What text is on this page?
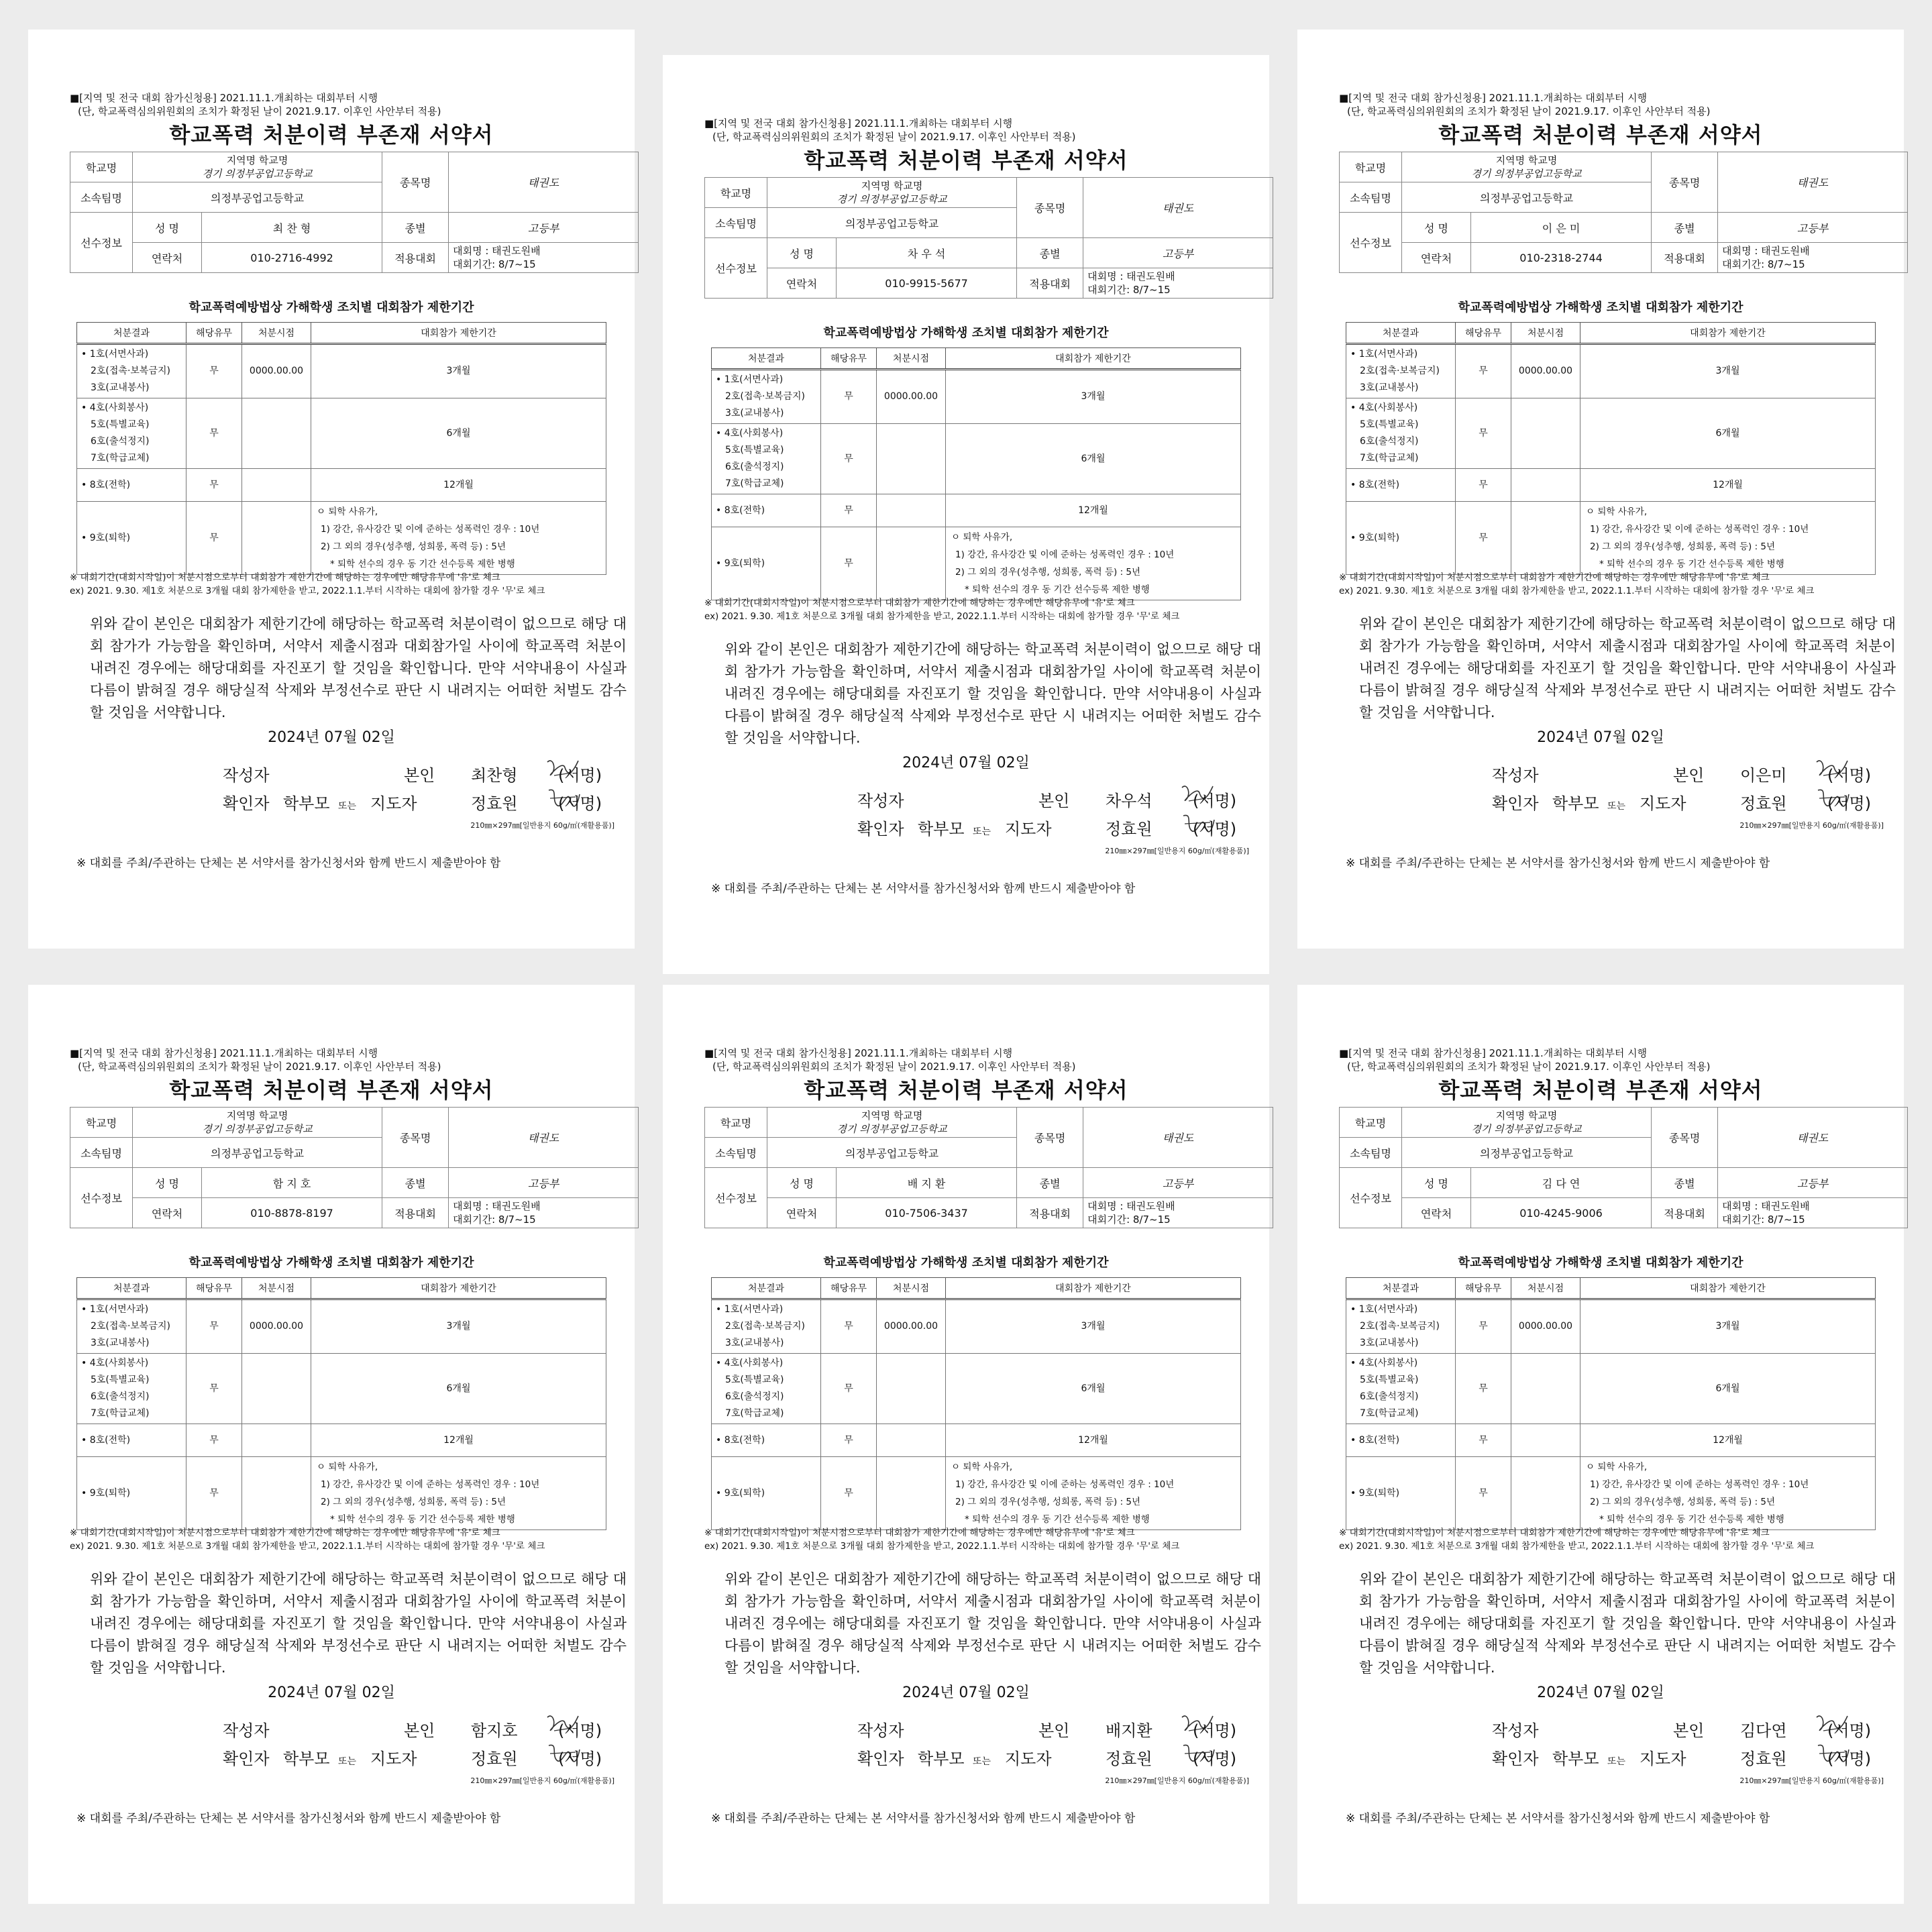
■[지역 및 전국 대회 참가신청용] 2021.11.1.개최하는 대회부터 시행
(단, 학교폭력심의위원회의 조치가 확정된 날이 2021.9.17. 이후인 사안부터 적용)
학교폭력 처분이력 부존재 서약서
학교명	지역명 학교명
경기 의정부공업고등학교		종목명	태권도
소속팀명	의정부공업고등학교			
선수정보	성 명	최 찬 형	종별	고등부
	연락처	010-2716-4992	적용대회	대회명 : 태권도원배
대회기간: 8/7~15
학교폭력예방법상 가해학생 조치별 대회참가 제한기간
처분결과	해당유무	처분시점	대회참가 제한기간

• 1호(서면사과)
2호(접촉·보복금지)
3호(교내봉사)	무	0000.00.00	3개월

• 4호(사회봉사)
5호(특별교육)
6호(출석정지)
7호(학급교체)	무		6개월

• 8호(전학)	무		12개월

• 9호(퇴학)	무		ㅇ 퇴학 사유가,
1) 강간, 유사강간 및 이에 준하는 성폭력인 경우 : 10년
2) 그 외의 경우(성추행, 성희롱, 폭력 등) : 5년
* 퇴학 선수의 경우 동 기간 선수등록 제한 병행
※ 대회기간(대회시작일)이 처분시점으로부터 대회참가 제한기간에 해당하는 경우에만 해당유무에 '유'로 체크
ex) 2021. 9.30. 제1호 처분으로 3개월 대회 참가제한을 받고, 2022.1.1.부터 시작하는 대회에 참가할 경우 '무'로 체크
위와 같이 본인은 대회참가 제한기간에 해당하는 학교폭력 처분이력이 없으므로 해당 대회 참가가 가능함을 확인하며, 서약서 제출시점과 대회참가일 사이에 학교폭력 처분이 내려진 경우에는 해당대회를 자진포기 할 것임을 확인합니다. 만약 서약내용이 사실과 다름이 밝혀질 경우 해당실적 삭제와 부정선수로 판단 시 내려지는 어떠한 처벌도 감수할 것임을 서약합니다.
2024년 07월 02일
작성자	본인 최찬형	(서명)
확인자 학부모 또는 지도자	정효원	(서명)
210㎜×297㎜[일반용지 60g/㎡(재활용품)]
※ 대회를 주최/주관하는 단체는 본 서약서를 참가신청서와 함께 반드시 제출받아야 함
■[지역 및 전국 대회 참가신청용] 2021.11.1.개최하는 대회부터 시행
(단, 학교폭력심의위원회의 조치가 확정된 날이 2021.9.17. 이후인 사안부터 적용)
학교폭력 처분이력 부존재 서약서
학교명	지역명 학교명
경기 의정부공업고등학교		종목명	태권도
소속팀명	의정부공업고등학교			
선수정보	성 명	차 우 석	종별	고등부
	연락처	010-9915-5677	적용대회	대회명 : 태권도원배
대회기간: 8/7~15
학교폭력예방법상 가해학생 조치별 대회참가 제한기간
처분결과	해당유무	처분시점	대회참가 제한기간

• 1호(서면사과)
2호(접촉·보복금지)
3호(교내봉사)	무	0000.00.00	3개월

• 4호(사회봉사)
5호(특별교육)
6호(출석정지)
7호(학급교체)	무		6개월

• 8호(전학)	무		12개월

• 9호(퇴학)	무		ㅇ 퇴학 사유가,
1) 강간, 유사강간 및 이에 준하는 성폭력인 경우 : 10년
2) 그 외의 경우(성추행, 성희롱, 폭력 등) : 5년
* 퇴학 선수의 경우 동 기간 선수등록 제한 병행
※ 대회기간(대회시작일)이 처분시점으로부터 대회참가 제한기간에 해당하는 경우에만 해당유무에 '유'로 체크
ex) 2021. 9.30. 제1호 처분으로 3개월 대회 참가제한을 받고, 2022.1.1.부터 시작하는 대회에 참가할 경우 '무'로 체크
위와 같이 본인은 대회참가 제한기간에 해당하는 학교폭력 처분이력이 없으므로 해당 대회 참가가 가능함을 확인하며, 서약서 제출시점과 대회참가일 사이에 학교폭력 처분이 내려진 경우에는 해당대회를 자진포기 할 것임을 확인합니다. 만약 서약내용이 사실과 다름이 밝혀질 경우 해당실적 삭제와 부정선수로 판단 시 내려지는 어떠한 처벌도 감수할 것임을 서약합니다.
2024년 07월 02일
작성자	본인 차우석	(서명)
확인자 학부모 또는 지도자	정효원	(서명)
210㎜×297㎜[일반용지 60g/㎡(재활용품)]
※ 대회를 주최/주관하는 단체는 본 서약서를 참가신청서와 함께 반드시 제출받아야 함
■[지역 및 전국 대회 참가신청용] 2021.11.1.개최하는 대회부터 시행
(단, 학교폭력심의위원회의 조치가 확정된 날이 2021.9.17. 이후인 사안부터 적용)
학교폭력 처분이력 부존재 서약서
학교명	지역명 학교명
경기 의정부공업고등학교		종목명	태권도
소속팀명	의정부공업고등학교			
선수정보	성 명	이 은 미	종별	고등부
	연락처	010-2318-2744	적용대회	대회명 : 태권도원배
대회기간: 8/7~15
학교폭력예방법상 가해학생 조치별 대회참가 제한기간
처분결과	해당유무	처분시점	대회참가 제한기간

• 1호(서면사과)
2호(접촉·보복금지)
3호(교내봉사)	무	0000.00.00	3개월

• 4호(사회봉사)
5호(특별교육)
6호(출석정지)
7호(학급교체)	무		6개월

• 8호(전학)	무		12개월

• 9호(퇴학)	무		ㅇ 퇴학 사유가,
1) 강간, 유사강간 및 이에 준하는 성폭력인 경우 : 10년
2) 그 외의 경우(성추행, 성희롱, 폭력 등) : 5년
* 퇴학 선수의 경우 동 기간 선수등록 제한 병행
※ 대회기간(대회시작일)이 처분시점으로부터 대회참가 제한기간에 해당하는 경우에만 해당유무에 '유'로 체크
ex) 2021. 9.30. 제1호 처분으로 3개월 대회 참가제한을 받고, 2022.1.1.부터 시작하는 대회에 참가할 경우 '무'로 체크
위와 같이 본인은 대회참가 제한기간에 해당하는 학교폭력 처분이력이 없으므로 해당 대회 참가가 가능함을 확인하며, 서약서 제출시점과 대회참가일 사이에 학교폭력 처분이 내려진 경우에는 해당대회를 자진포기 할 것임을 확인합니다. 만약 서약내용이 사실과 다름이 밝혀질 경우 해당실적 삭제와 부정선수로 판단 시 내려지는 어떠한 처벌도 감수할 것임을 서약합니다.
2024년 07월 02일
작성자	본인 이은미	(서명)
확인자 학부모 또는 지도자	정효원	(서명)
210㎜×297㎜[일반용지 60g/㎡(재활용품)]
※ 대회를 주최/주관하는 단체는 본 서약서를 참가신청서와 함께 반드시 제출받아야 함
■[지역 및 전국 대회 참가신청용] 2021.11.1.개최하는 대회부터 시행
(단, 학교폭력심의위원회의 조치가 확정된 날이 2021.9.17. 이후인 사안부터 적용)
학교폭력 처분이력 부존재 서약서
학교명	지역명 학교명
경기 의정부공업고등학교		종목명	태권도
소속팀명	의정부공업고등학교			
선수정보	성 명	함 지 호	종별	고등부
	연락처	010-8878-8197	적용대회	대회명 : 태권도원배
대회기간: 8/7~15
학교폭력예방법상 가해학생 조치별 대회참가 제한기간
처분결과	해당유무	처분시점	대회참가 제한기간

• 1호(서면사과)
2호(접촉·보복금지)
3호(교내봉사)	무	0000.00.00	3개월

• 4호(사회봉사)
5호(특별교육)
6호(출석정지)
7호(학급교체)	무		6개월

• 8호(전학)	무		12개월

• 9호(퇴학)	무		ㅇ 퇴학 사유가,
1) 강간, 유사강간 및 이에 준하는 성폭력인 경우 : 10년
2) 그 외의 경우(성추행, 성희롱, 폭력 등) : 5년
* 퇴학 선수의 경우 동 기간 선수등록 제한 병행
※ 대회기간(대회시작일)이 처분시점으로부터 대회참가 제한기간에 해당하는 경우에만 해당유무에 '유'로 체크
ex) 2021. 9.30. 제1호 처분으로 3개월 대회 참가제한을 받고, 2022.1.1.부터 시작하는 대회에 참가할 경우 '무'로 체크
위와 같이 본인은 대회참가 제한기간에 해당하는 학교폭력 처분이력이 없으므로 해당 대회 참가가 가능함을 확인하며, 서약서 제출시점과 대회참가일 사이에 학교폭력 처분이 내려진 경우에는 해당대회를 자진포기 할 것임을 확인합니다. 만약 서약내용이 사실과 다름이 밝혀질 경우 해당실적 삭제와 부정선수로 판단 시 내려지는 어떠한 처벌도 감수할 것임을 서약합니다.
2024년 07월 02일
작성자	본인 함지호	(서명)
확인자 학부모 또는 지도자	정효원	(서명)
210㎜×297㎜[일반용지 60g/㎡(재활용품)]
※ 대회를 주최/주관하는 단체는 본 서약서를 참가신청서와 함께 반드시 제출받아야 함
■[지역 및 전국 대회 참가신청용] 2021.11.1.개최하는 대회부터 시행
(단, 학교폭력심의위원회의 조치가 확정된 날이 2021.9.17. 이후인 사안부터 적용)
학교폭력 처분이력 부존재 서약서
학교명	지역명 학교명
경기 의정부공업고등학교		종목명	태권도
소속팀명	의정부공업고등학교			
선수정보	성 명	배 지 환	종별	고등부
	연락처	010-7506-3437	적용대회	대회명 : 태권도원배
대회기간: 8/7~15
학교폭력예방법상 가해학생 조치별 대회참가 제한기간
처분결과	해당유무	처분시점	대회참가 제한기간

• 1호(서면사과)
2호(접촉·보복금지)
3호(교내봉사)	무	0000.00.00	3개월

• 4호(사회봉사)
5호(특별교육)
6호(출석정지)
7호(학급교체)	무		6개월

• 8호(전학)	무		12개월

• 9호(퇴학)	무		ㅇ 퇴학 사유가,
1) 강간, 유사강간 및 이에 준하는 성폭력인 경우 : 10년
2) 그 외의 경우(성추행, 성희롱, 폭력 등) : 5년
* 퇴학 선수의 경우 동 기간 선수등록 제한 병행
※ 대회기간(대회시작일)이 처분시점으로부터 대회참가 제한기간에 해당하는 경우에만 해당유무에 '유'로 체크
ex) 2021. 9.30. 제1호 처분으로 3개월 대회 참가제한을 받고, 2022.1.1.부터 시작하는 대회에 참가할 경우 '무'로 체크
위와 같이 본인은 대회참가 제한기간에 해당하는 학교폭력 처분이력이 없으므로 해당 대회 참가가 가능함을 확인하며, 서약서 제출시점과 대회참가일 사이에 학교폭력 처분이 내려진 경우에는 해당대회를 자진포기 할 것임을 확인합니다. 만약 서약내용이 사실과 다름이 밝혀질 경우 해당실적 삭제와 부정선수로 판단 시 내려지는 어떠한 처벌도 감수할 것임을 서약합니다.
2024년 07월 02일
작성자	본인 배지환	(서명)
확인자 학부모 또는 지도자	정효원	(서명)
210㎜×297㎜[일반용지 60g/㎡(재활용품)]
※ 대회를 주최/주관하는 단체는 본 서약서를 참가신청서와 함께 반드시 제출받아야 함
■[지역 및 전국 대회 참가신청용] 2021.11.1.개최하는 대회부터 시행
(단, 학교폭력심의위원회의 조치가 확정된 날이 2021.9.17. 이후인 사안부터 적용)
학교폭력 처분이력 부존재 서약서
학교명	지역명 학교명
경기 의정부공업고등학교		종목명	태권도
소속팀명	의정부공업고등학교			
선수정보	성 명	김 다 연	종별	고등부
	연락처	010-4245-9006	적용대회	대회명 : 태권도원배
대회기간: 8/7~15
학교폭력예방법상 가해학생 조치별 대회참가 제한기간
처분결과	해당유무	처분시점	대회참가 제한기간

• 1호(서면사과)
2호(접촉·보복금지)
3호(교내봉사)	무	0000.00.00	3개월

• 4호(사회봉사)
5호(특별교육)
6호(출석정지)
7호(학급교체)	무		6개월

• 8호(전학)	무		12개월

• 9호(퇴학)	무		ㅇ 퇴학 사유가,
1) 강간, 유사강간 및 이에 준하는 성폭력인 경우 : 10년
2) 그 외의 경우(성추행, 성희롱, 폭력 등) : 5년
* 퇴학 선수의 경우 동 기간 선수등록 제한 병행
※ 대회기간(대회시작일)이 처분시점으로부터 대회참가 제한기간에 해당하는 경우에만 해당유무에 '유'로 체크
ex) 2021. 9.30. 제1호 처분으로 3개월 대회 참가제한을 받고, 2022.1.1.부터 시작하는 대회에 참가할 경우 '무'로 체크
위와 같이 본인은 대회참가 제한기간에 해당하는 학교폭력 처분이력이 없으므로 해당 대회 참가가 가능함을 확인하며, 서약서 제출시점과 대회참가일 사이에 학교폭력 처분이 내려진 경우에는 해당대회를 자진포기 할 것임을 확인합니다. 만약 서약내용이 사실과 다름이 밝혀질 경우 해당실적 삭제와 부정선수로 판단 시 내려지는 어떠한 처벌도 감수할 것임을 서약합니다.
2024년 07월 02일
작성자	본인 김다연	(서명)
확인자 학부모 또는 지도자	정효원	(서명)
210㎜×297㎜[일반용지 60g/㎡(재활용품)]
※ 대회를 주최/주관하는 단체는 본 서약서를 참가신청서와 함께 반드시 제출받아야 함
